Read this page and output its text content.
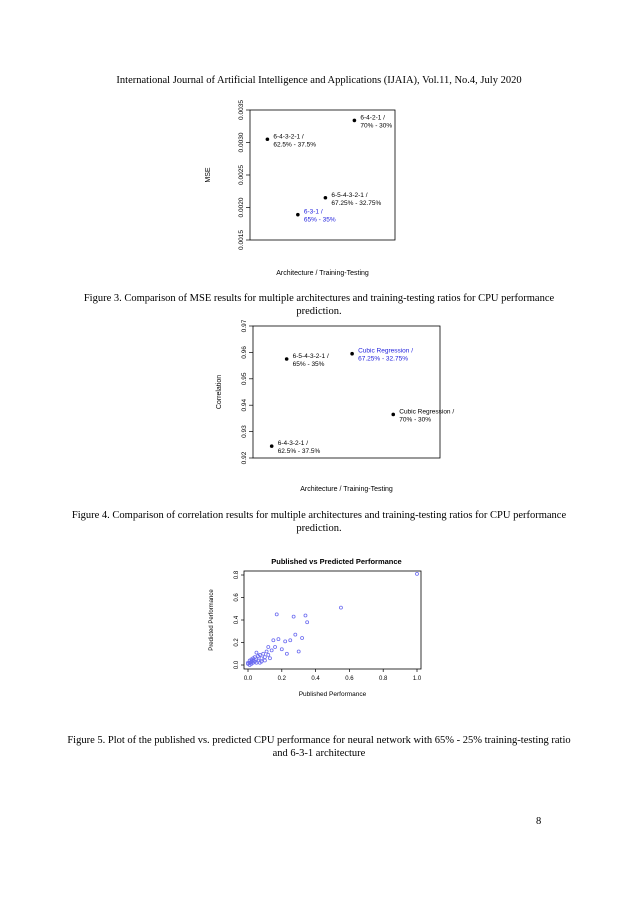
International Journal of Artificial Intelligence and Applications (IJAIA), Vol.11, No.4, July 2020
0.0015
0.0020
0.0025
0.0030
0.0035
MSE
Architecture / Training-Testing
6-4-3-2-1 /
62.5% - 37.5%
6-4-2-1 /
70% - 30%
6-5-4-3-2-1 /
67.25% - 32.75%
6-3-1 /
65% - 35%
Figure 3. Comparison of MSE results for multiple architectures and training-testing ratios for CPU performance prediction.
0.92
0.93
0.94
0.95
0.96
0.97
Correlation
Architecture / Training-Testing
6-5-4-3-2-1 /
65% - 35%
Cubic Regression /
67.25% - 32.75%
Cubic Regression /
70% - 30%
6-4-3-2-1 /
62.5% - 37.5%
Figure 4. Comparison of correlation results for multiple architectures and training-testing ratios for CPU performance prediction.
Published vs Predicted Performance
0.0	0.2	0.4	0.6	0.8	1.0
0.0
0.2
0.4
0.6
0.8
Predicted Performance
Published Performance
Figure 5. Plot of the published vs. predicted CPU performance for neural network with 65% - 25% training-testing ratio and 6-3-1 architecture
8
